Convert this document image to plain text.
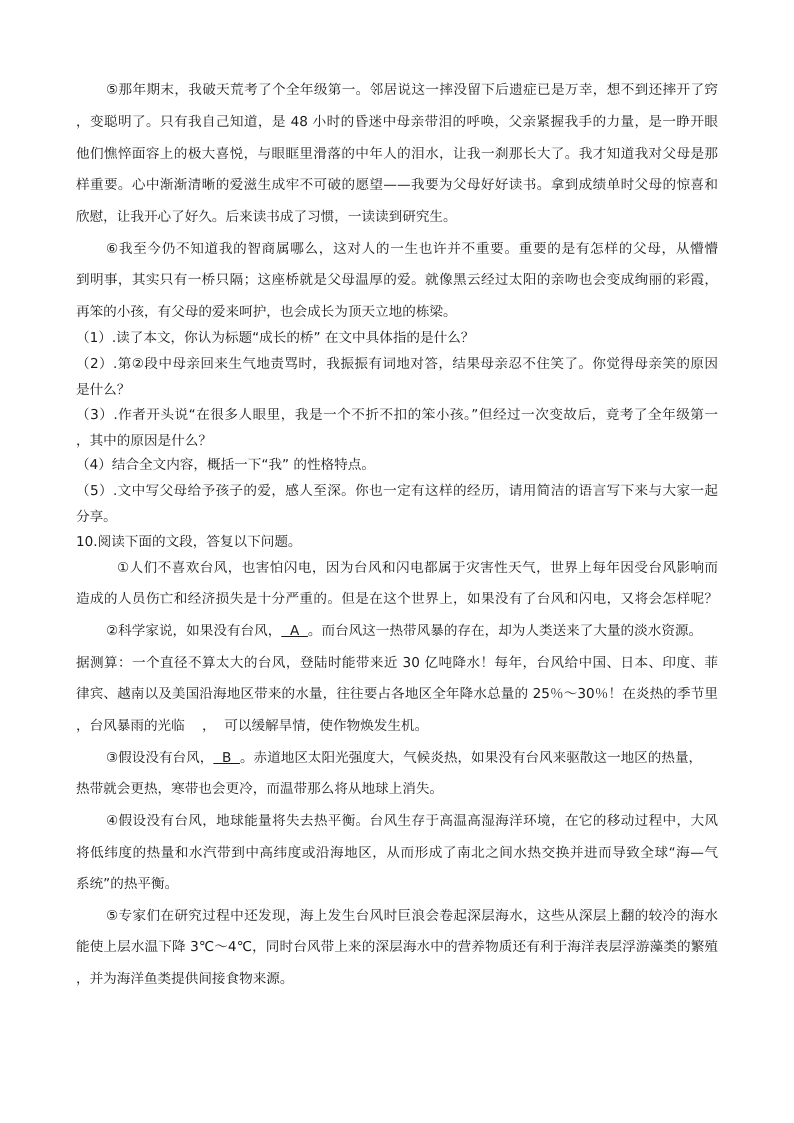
⑤那年期末，我破天荒考了个全年级第一。邻居说这一摔没留下后遗症已是万幸，想不到还摔开了窍
，变聪明了。只有我自己知道，是 48 小时的昏迷中母亲带泪的呼唤，父亲紧握我手的力量，是一睁开眼
他们憔悴面容上的极大喜悦，与眼眶里滑落的中年人的泪水，让我一刹那长大了。我才知道我对父母是那
样重要。心中渐渐清晰的爱滋生成牢不可破的愿望——我要为父母好好读书。拿到成绩单时父母的惊喜和
欣慰，让我开心了好久。后来读书成了习惯，一读读到研究生。
⑥我至今仍不知道我的智商属哪么，这对人的一生也许并不重要。重要的是有怎样的父母，从懵懵
到明事，其实只有一桥只隔；这座桥就是父母温厚的爱。就像黑云经过太阳的亲吻也会变成绚丽的彩霞，
再笨的小孩，有父母的爱来呵护，也会成长为顶天立地的栋梁。
（1）.读了本文，你认为标题“成长的桥” 在文中具体指的是什么？
（2）.第②段中母亲回来生气地责骂时，我振振有词地对答，结果母亲忍不住笑了。你觉得母亲笑的原因
是什么？
（3）.作者开头说“在很多人眼里，我是一个不折不扣的笨小孩。”但经过一次变故后，竟考了全年级第一
，其中的原因是什么？
（4）结合全文内容，概括一下“我” 的性格特点。
（5）.文中写父母给予孩子的爱，感人至深。你也一定有这样的经历，请用简洁的语言写下来与大家一起
分享。
10.阅读下面的文段，答复以下问题。
①人们不喜欢台风，也害怕闪电，因为台风和闪电都属于灾害性天气，世界上每年因受台风影响而
造成的人员伤亡和经济损失是十分严重的。但是在这个世界上，如果没有了台风和闪电，又将会怎样呢？
②科学家说，如果没有台风，  A  。而台风这一热带风暴的存在，却为人类送来了大量的淡水资源。
据测算：一个直径不算太大的台风，登陆时能带来近 30 亿吨降水！每年，台风给中国、日本、印度、菲
律宾、越南以及美国沿海地区带来的水量，往往要占各地区全年降水总量的 25％～30％！在炎热的季节里
，台风暴雨的光临    ，  可以缓解旱情，使作物焕发生机。
③假设没有台风，  B  。赤道地区太阳光强度大，气候炎热，如果没有台风来驱散这一地区的热量，
热带就会更热，寒带也会更冷，而温带那么将从地球上消失。
④假设没有台风，地球能量将失去热平衡。台风生存于高温高湿海洋环境，在它的移动过程中，大风
将低纬度的热量和水汽带到中高纬度或沿海地区，从而形成了南北之间水热交换并进而导致全球“海—气
系统”的热平衡。
⑤专家们在研究过程中还发现，海上发生台风时巨浪会卷起深层海水，这些从深层上翻的较冷的海水
能使上层水温下降 3℃～4℃，同时台风带上来的深层海水中的营养物质还有利于海洋表层浮游藻类的繁殖
，并为海洋鱼类提供间接食物来源。
